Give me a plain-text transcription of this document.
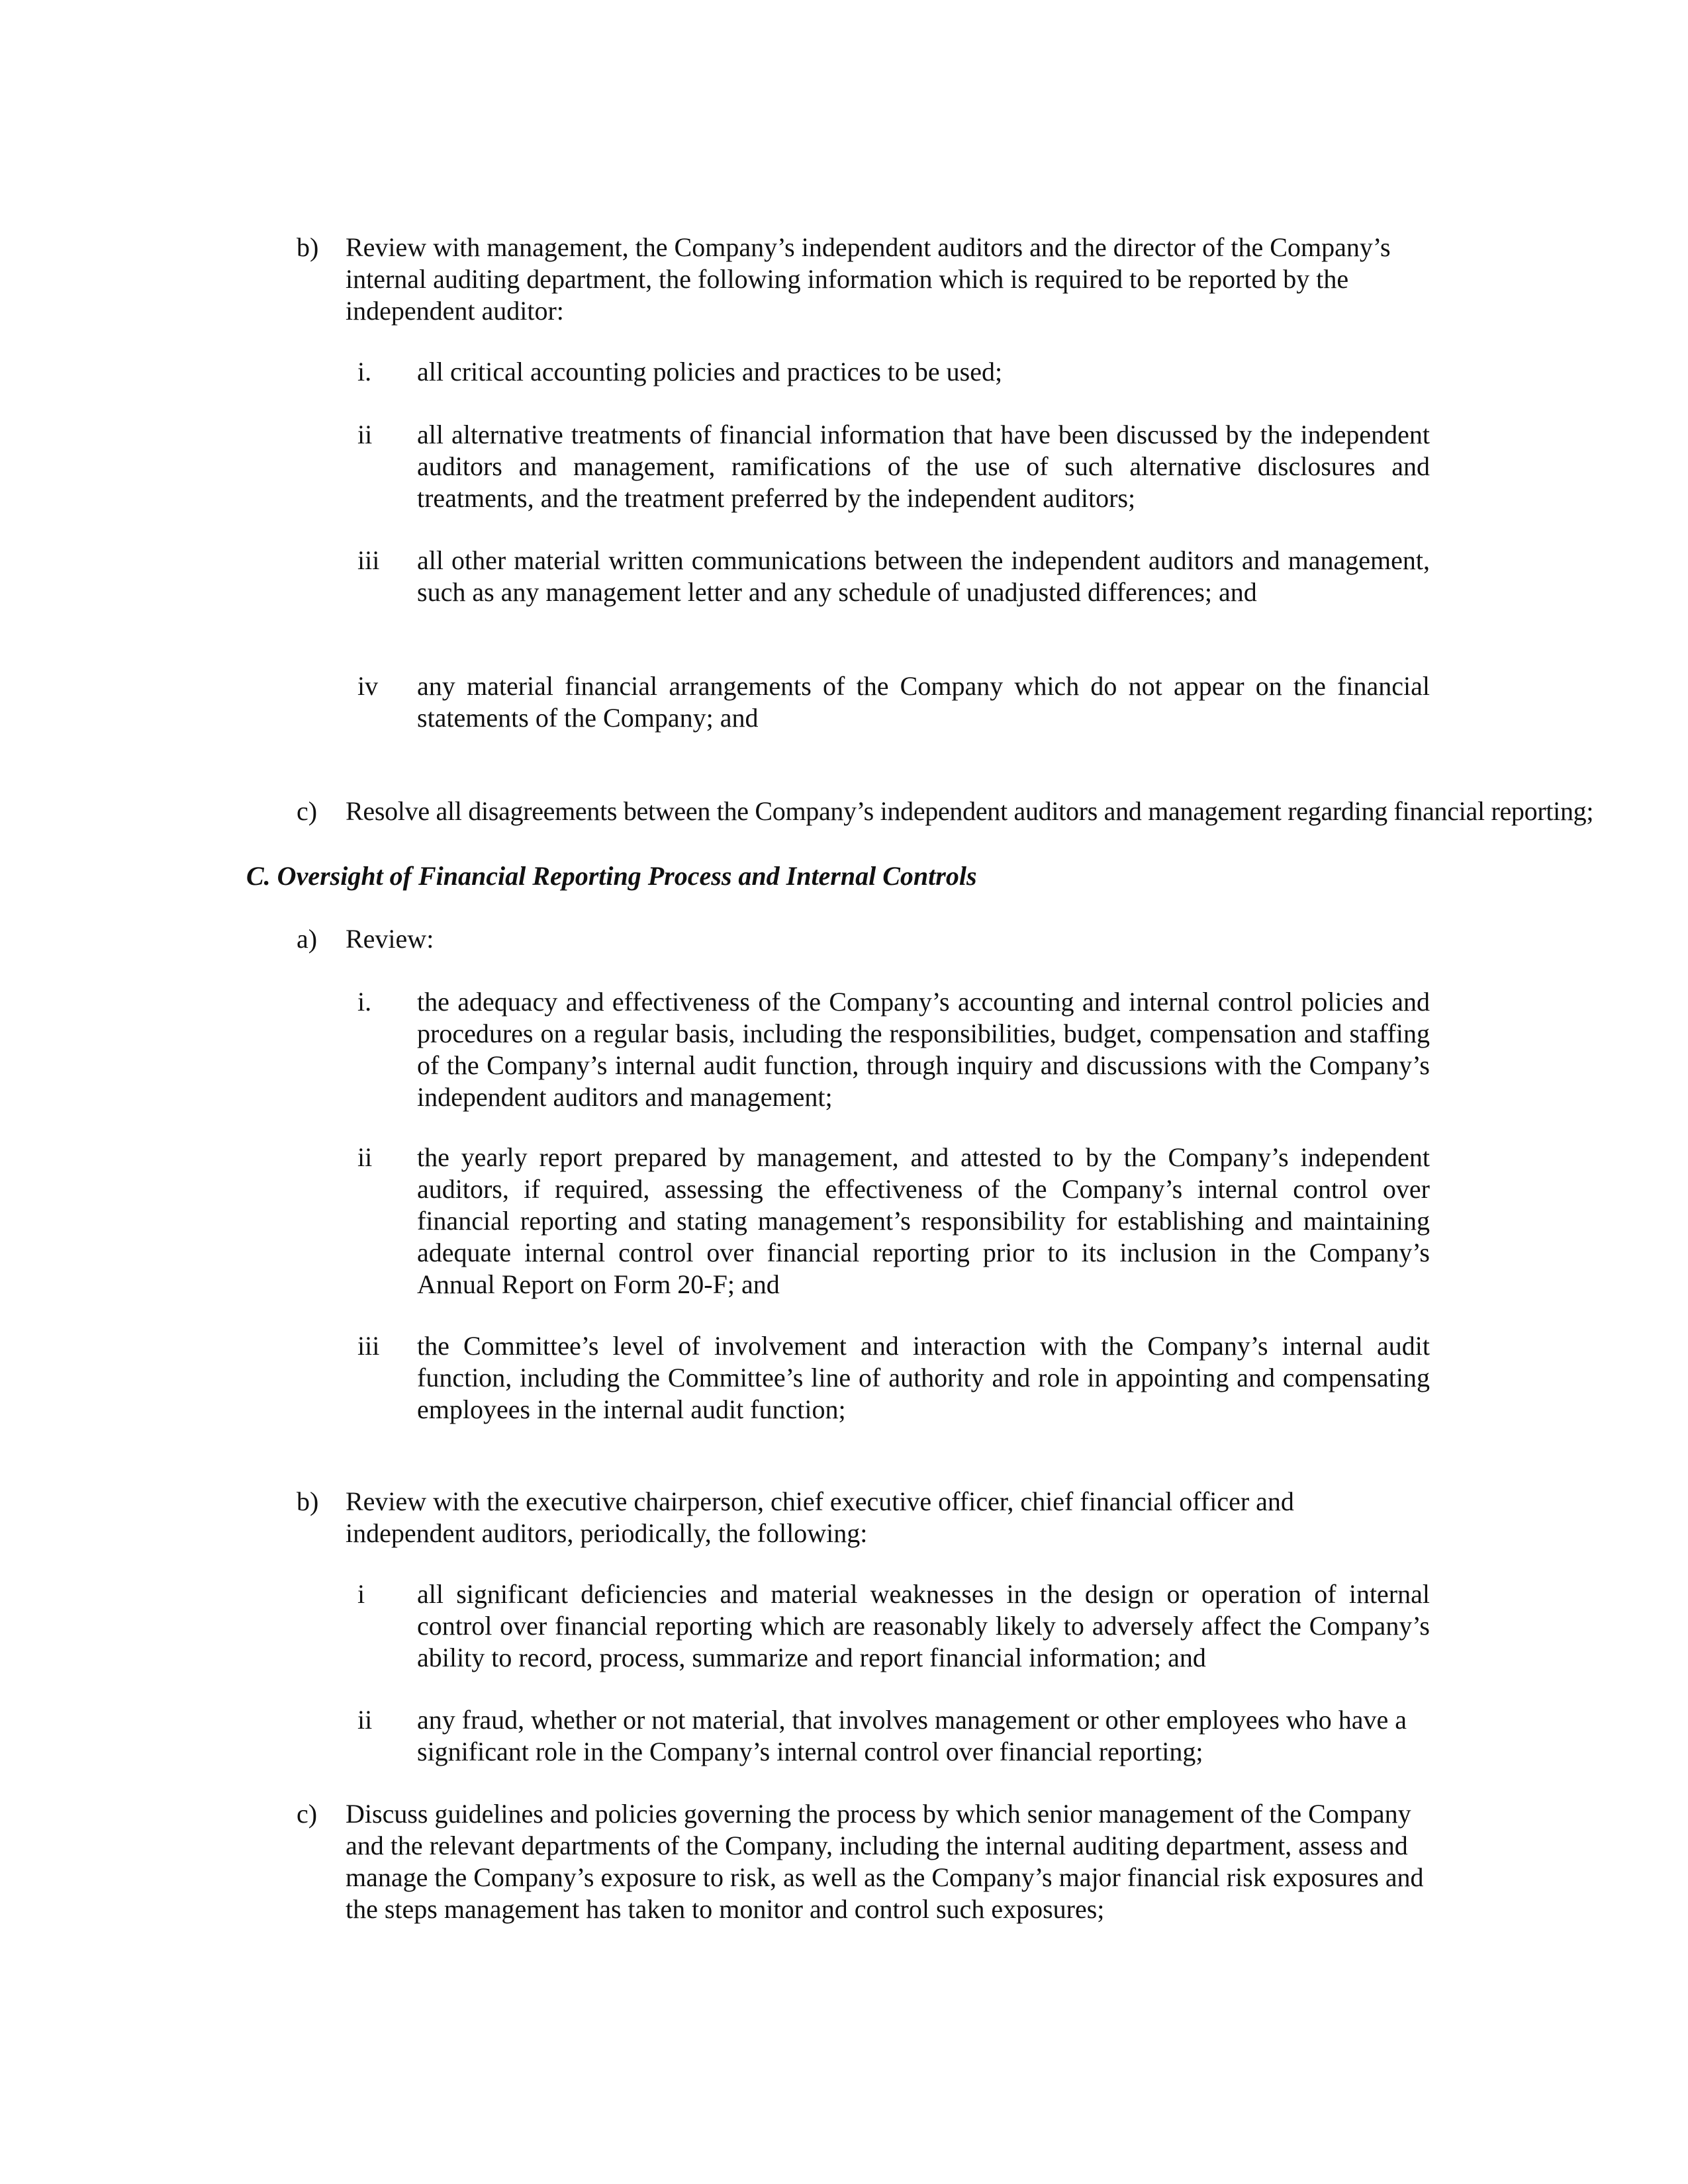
b) Review with management, the Company’s independent auditors and the director of the Company’s internal auditing department, the following information which is required to be reported by the independent auditor:
i. all critical accounting policies and practices to be used;
ii all alternative treatments of financial information that have been discussed by the independent auditors and management, ramifications of the use of such alternative disclosures and treatments, and the treatment preferred by the independent auditors;
iii all other material written communications between the independent auditors and management, such as any management letter and any schedule of unadjusted differences; and
iv any material financial arrangements of the Company which do not appear on the financial statements of the Company; and
c) Resolve all disagreements between the Company’s independent auditors and management regarding financial reporting;
C. Oversight of Financial Reporting Process and Internal Controls
a) Review:
i. the adequacy and effectiveness of the Company’s accounting and internal control policies and procedures on a regular basis, including the responsibilities, budget, compensation and staffing of the Company’s internal audit function, through inquiry and discussions with the Company’s independent auditors and management;
ii the yearly report prepared by management, and attested to by the Company’s independent auditors, if required, assessing the effectiveness of the Company’s internal control over financial reporting and stating management’s responsibility for establishing and maintaining adequate internal control over financial reporting prior to its inclusion in the Company’s Annual Report on Form 20-F; and
iii the Committee’s level of involvement and interaction with the Company’s internal audit function, including the Committee’s line of authority and role in appointing and compensating employees in the internal audit function;
b) Review with the executive chairperson, chief executive officer, chief financial officer and independent auditors, periodically, the following:
i all significant deficiencies and material weaknesses in the design or operation of internal control over financial reporting which are reasonably likely to adversely affect the Company’s ability to record, process, summarize and report financial information; and
ii any fraud, whether or not material, that involves management or other employees who have a significant role in the Company’s internal control over financial reporting;
c) Discuss guidelines and policies governing the process by which senior management of the Company and the relevant departments of the Company, including the internal auditing department, assess and manage the Company’s exposure to risk, as well as the Company’s major financial risk exposures and the steps management has taken to monitor and control such exposures;
